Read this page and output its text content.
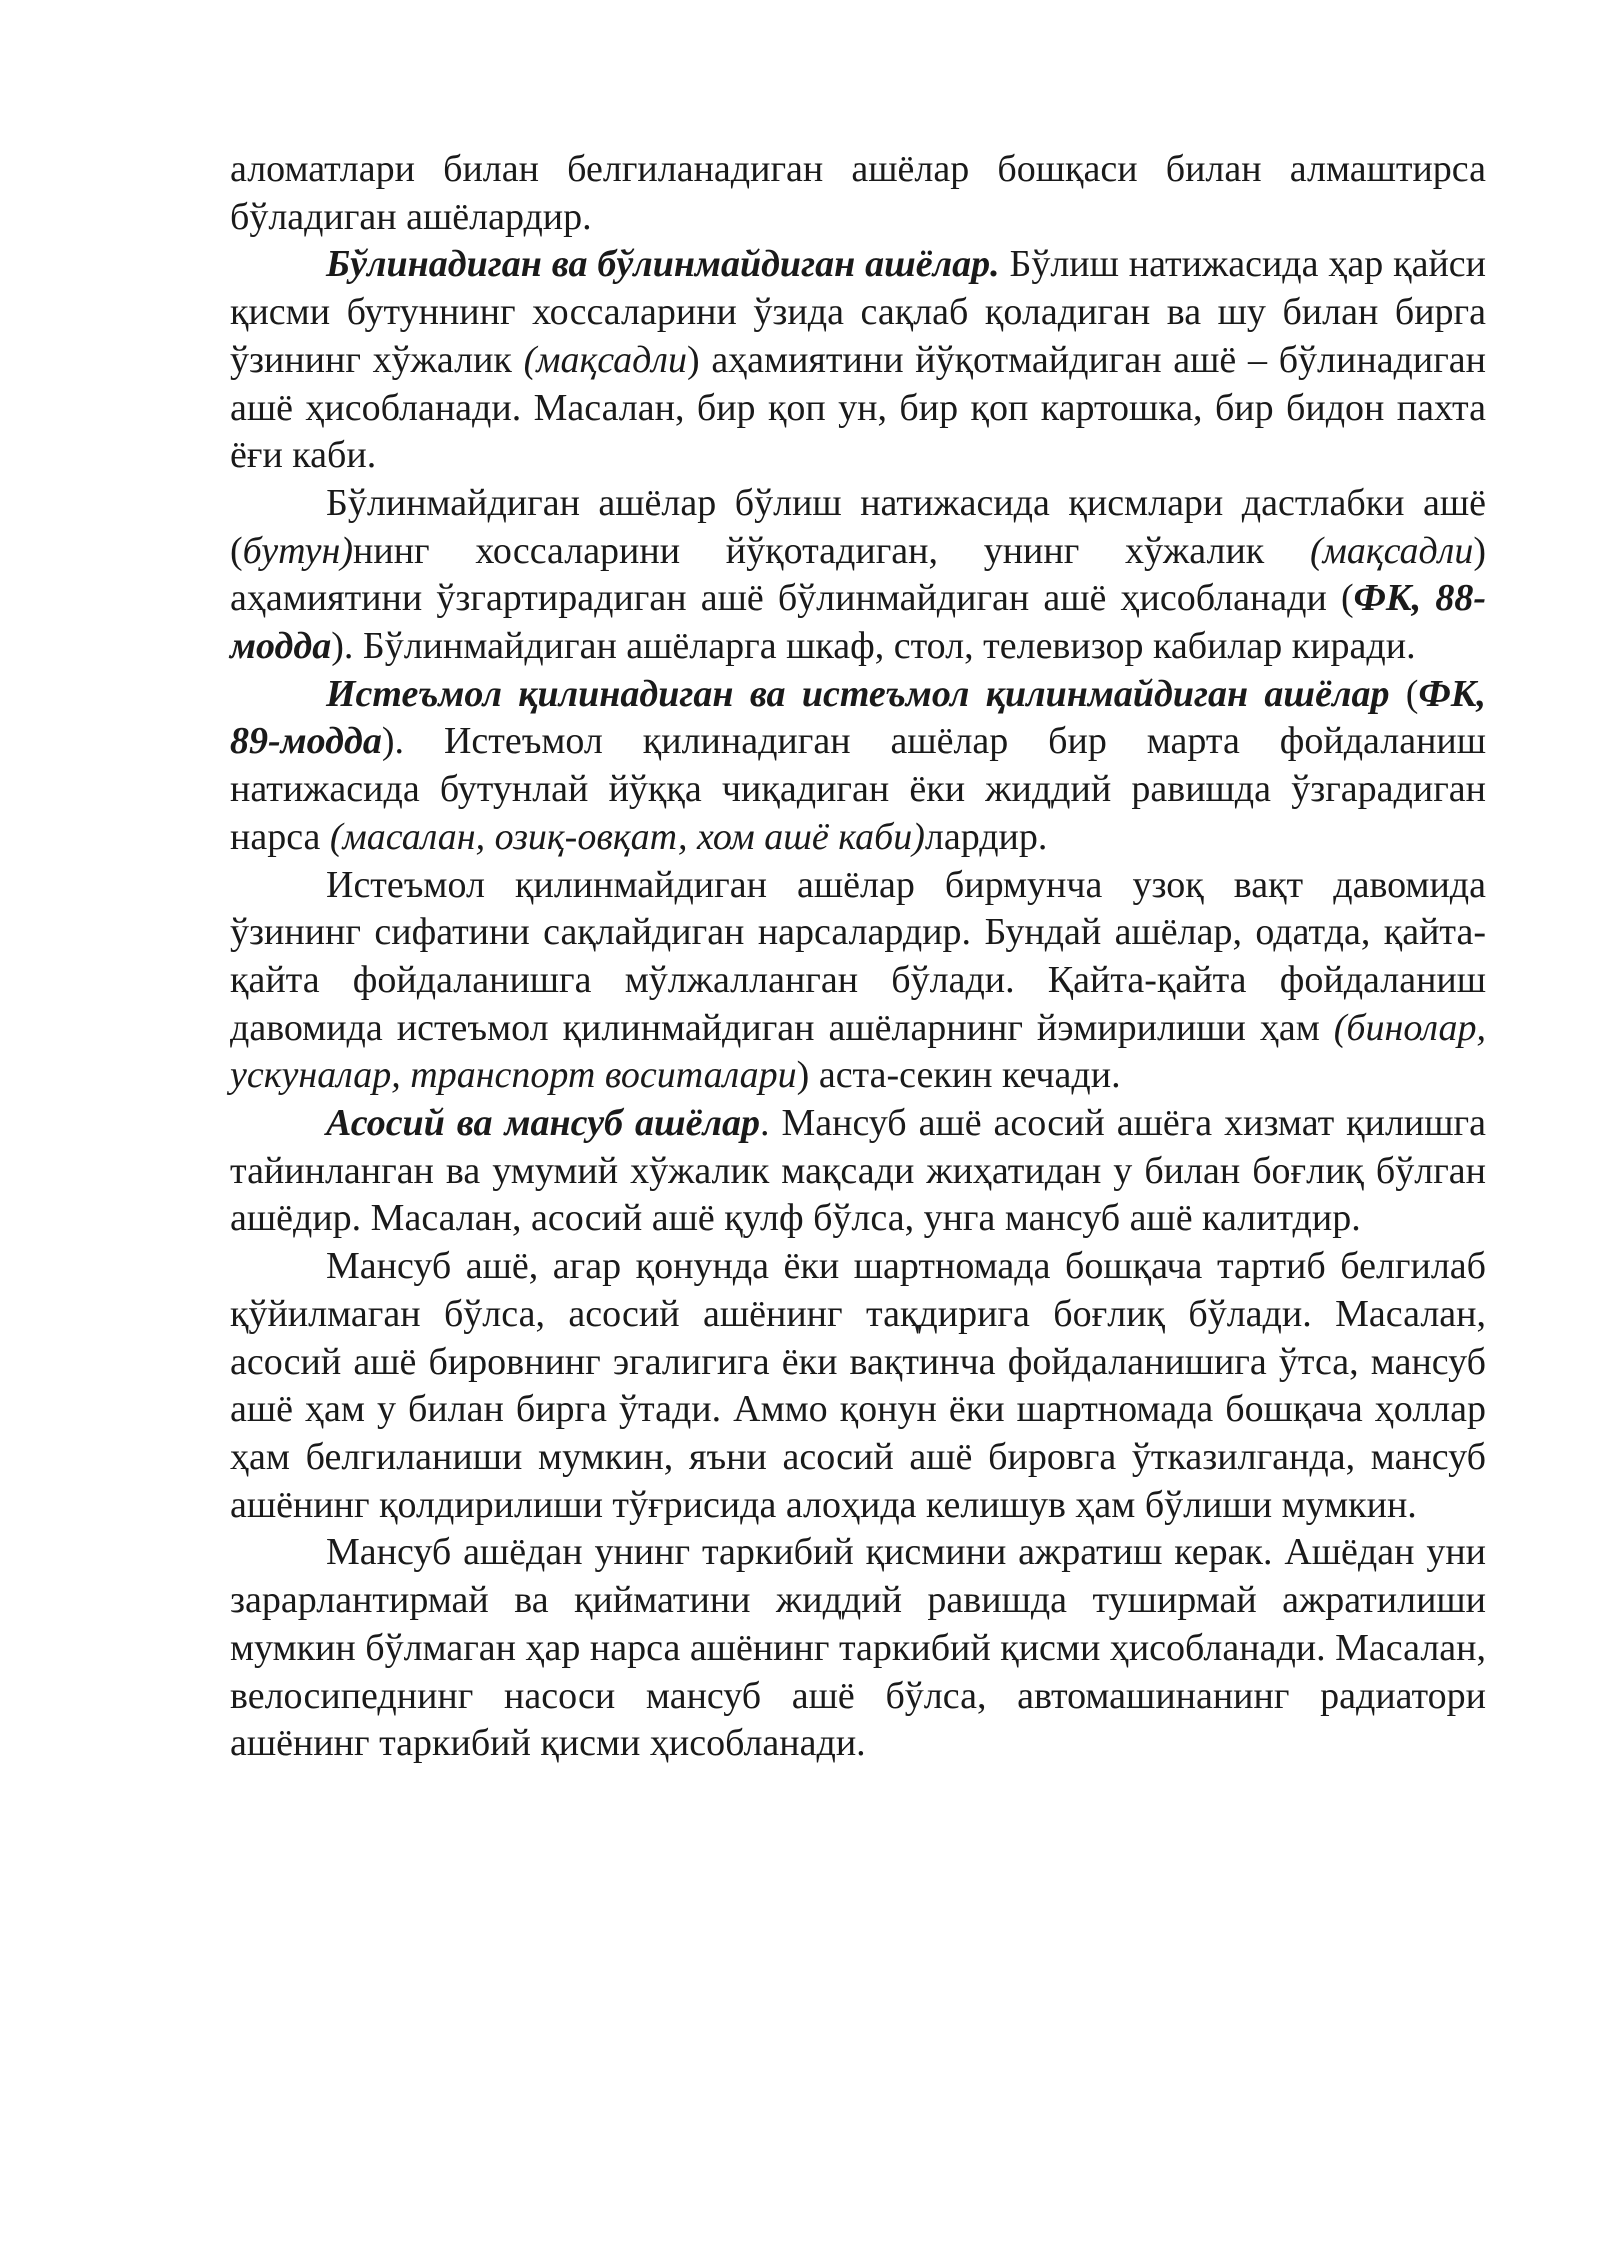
аломатлари билан белгиланадиган ашёлар бошқаси билан алмаштирса бўладиган ашёлардир.

Бўлинадиган ва бўлинмайдиган ашёлар. Бўлиш натижасида ҳар қайси қисми бутуннинг хоссаларини ўзида сақлаб қоладиган ва шу билан бирга ўзининг хўжалик (мақсадли) аҳамиятини йўқотмайдиган ашё – бўлинадиган ашё ҳисобланади. Масалан, бир қоп ун, бир қоп картошка, бир бидон пахта ёғи каби.

Бўлинмайдиган ашёлар бўлиш натижасида қисмлари дастлабки ашё (бутун)нинг хоссаларини йўқотадиган, унинг хўжалик (мақсадли) аҳамиятини ўзгартирадиган ашё бўлинмайдиган ашё ҳисобланади (ФК, 88-модда). Бўлинмайдиган ашёларга шкаф, стол, телевизор кабилар киради.

Истеъмол қилинадиган ва истеъмол қилинмайдиган ашёлар (ФК, 89-модда). Истеъмол қилинадиган ашёлар бир марта фойдаланиш натижасида бутунлай йўққа чиқадиган ёки жиддий равишда ўзгарадиган нарса (масалан, озиқ-овқат, хом ашё каби)лардир.

Истеъмол қилинмайдиган ашёлар бирмунча узоқ вақт давомида ўзининг сифатини сақлайдиган нарсалардир. Бундай ашёлар, одатда, қайта-қайта фойдаланишга мўлжалланган бўлади. Қайта-қайта фойдаланиш давомида истеъмол қилинмайдиган ашёларнинг йэмирилиши ҳам (бинолар, ускуналар, транспорт воситалари) аста-секин кечади.

Асосий ва мансуб ашёлар. Мансуб ашё асосий ашёга хизмат қилишга тайинланган ва умумий хўжалик мақсади жиҳатидан у билан боғлиқ бўлган ашёдир. Масалан, асосий ашё қулф бўлса, унга мансуб ашё калитдир.

Мансуб ашё, агар қонунда ёки шартномада бошқача тартиб белгилаб қўйилмаган бўлса, асосий ашёнинг тақдирига боғлиқ бўлади. Масалан, асосий ашё бировнинг эгалигига ёки вақтинча фойдаланишига ўтса, мансуб ашё ҳам у билан бирга ўтади. Аммо қонун ёки шартномада бошқача ҳоллар ҳам белгиланиши мумкин, яъни асосий ашё бировга ўтказилганда, мансуб ашёнинг қолдирилиши тўғрисида алоҳида келишув ҳам бўлиши мумкин.

Мансуб ашёдан унинг таркибий қисмини ажратиш керак. Ашёдан уни зарарлантирмай ва қийматини жиддий равишда туширмай ажратилиши мумкин бўлмаган ҳар нарса ашёнинг таркибий қисми ҳисобланади. Масалан, велосипеднинг насоси мансуб ашё бўлса, автомашинанинг радиатори ашёнинг таркибий қисми ҳисобланади.
